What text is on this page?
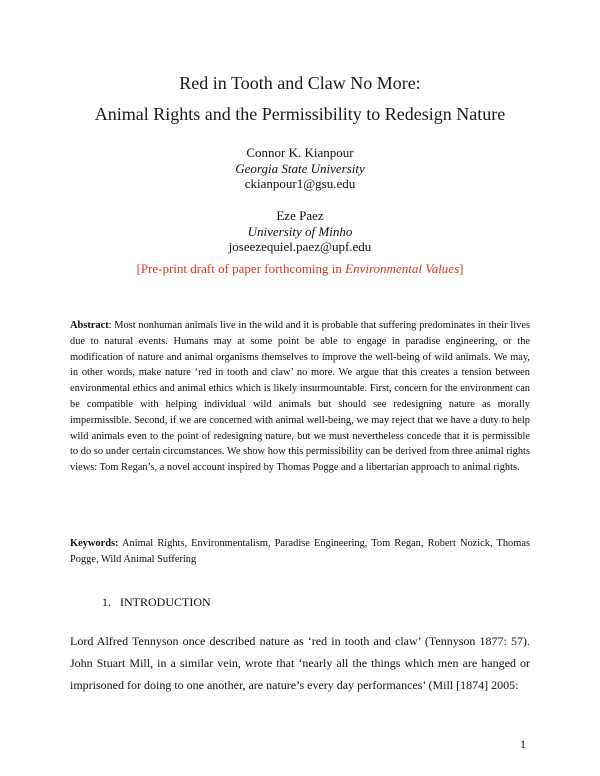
Red in Tooth and Claw No More:
Animal Rights and the Permissibility to Redesign Nature
Connor K. Kianpour
Georgia State University
ckianpour1@gsu.edu
Eze Paez
University of Minho
joseezequiel.paez@upf.edu
[Pre-print draft of paper forthcoming in Environmental Values]
Abstract: Most nonhuman animals live in the wild and it is probable that suffering predominates in their lives due to natural events. Humans may at some point be able to engage in paradise engineering, or the modification of nature and animal organisms themselves to improve the well-being of wild animals. We may, in other words, make nature ‘red in tooth and claw’ no more. We argue that this creates a tension between environmental ethics and animal ethics which is likely insurmountable. First, concern for the environment can be compatible with helping individual wild animals but should see redesigning nature as morally impermissible. Second, if we are concerned with animal well-being, we may reject that we have a duty to help wild animals even to the point of redesigning nature, but we must nevertheless concede that it is permissible to do so under certain circumstances. We show how this permissibility can be derived from three animal rights views: Tom Regan’s, a novel account inspired by Thomas Pogge and a libertarian approach to animal rights.
Keywords: Animal Rights, Environmentalism, Paradise Engineering, Tom Regan, Robert Nozick, Thomas Pogge, Wild Animal Suffering
1.   INTRODUCTION
Lord Alfred Tennyson once described nature as ‘red in tooth and claw’ (Tennyson 1877: 57). John Stuart Mill, in a similar vein, wrote that ‘nearly all the things which men are hanged or imprisoned for doing to one another, are nature’s every day performances’ (Mill [1874] 2005:
1
